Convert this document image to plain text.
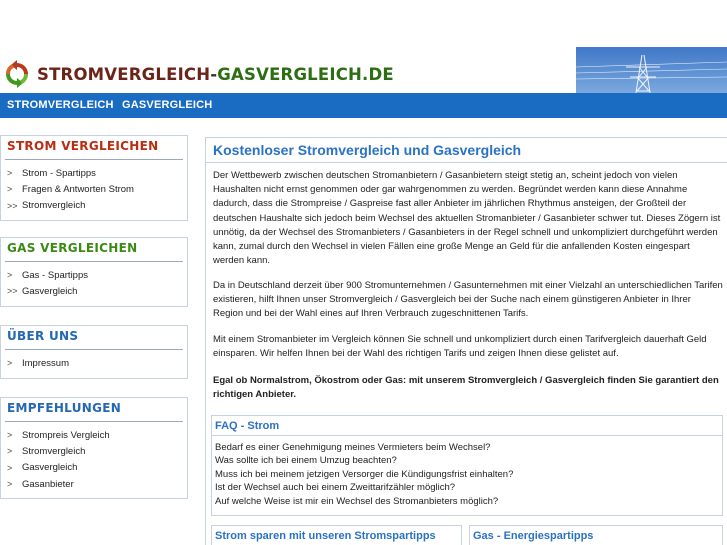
STROMVERGLEICH-GASVERGLEICH.DE
STROMVERGLEICH GASVERGLEICH
STROM VERGLEICHEN
>	Strom - Spartipps
>	Fragen & Antworten Strom
>> Stromvergleich
GAS VERGLEICHEN
>	Gas - Spartipps
>> Gasvergleich
ÜBER UNS
>	Impressum
EMPFEHLUNGEN
>	Strompreis Vergleich
>	Stromvergleich
>	Gasvergleich
>	Gasanbieter
Kostenloser Stromvergleich und Gasvergleich

Der Wettbewerb zwischen deutschen Stromanbietern / Gasanbietern steigt stetig an, scheint jedoch von vielen Haushalten nicht ernst genommen oder gar wahrgenommen zu werden. Begründet werden kann diese Annahme dadurch, dass die Strompreise / Gaspreise fast aller Anbieter im jährlichen Rhythmus ansteigen, der Großteil der deutschen Haushalte sich jedoch beim Wechsel des aktuellen Stromanbieter / Gasanbieter schwer tut. Dieses Zögern ist unnötig, da der Wechsel des Stromanbieters / Gasanbieters in der Regel schnell und unkompliziert durchgeführt werden kann, zumal durch den Wechsel in vielen Fällen eine große Menge an Geld für die anfallenden Kosten eingespart werden kann.

Da in Deutschland derzeit über 900 Stromunternehmen / Gasunternehmen mit einer Vielzahl an unterschiedlichen Tarifen existieren, hilft Ihnen unser Stromvergleich / Gasvergleich bei der Suche nach einem günstigeren Anbieter in Ihrer Region und bei der Wahl eines auf Ihren Verbrauch zugeschnittenen Tarifs.

Mit einem Stromanbieter im Vergleich können Sie schnell und unkompliziert durch einen Tarifvergleich dauerhaft Geld einsparen. Wir helfen Ihnen bei der Wahl des richtigen Tarifs und zeigen Ihnen diese gelistet auf.

Egal ob Normalstrom, Ökostrom oder Gas: mit unserem Stromvergleich / Gasvergleich finden Sie garantiert den richtigen Anbieter.

FAQ - Strom
Bedarf es einer Genehmigung meines Vermieters beim Wechsel?
Was sollte ich bei einem Umzug beachten?
Muss ich bei meinem jetzigen Versorger die Kündigungsfrist einhalten?
Ist der Wechsel auch bei einem Zweittarifzähler möglich?
Auf welche Weise ist mir ein Wechsel des Stromanbieters möglich?
Strom sparen mit unseren Stromspartipps	Gas - Energiespartipps
